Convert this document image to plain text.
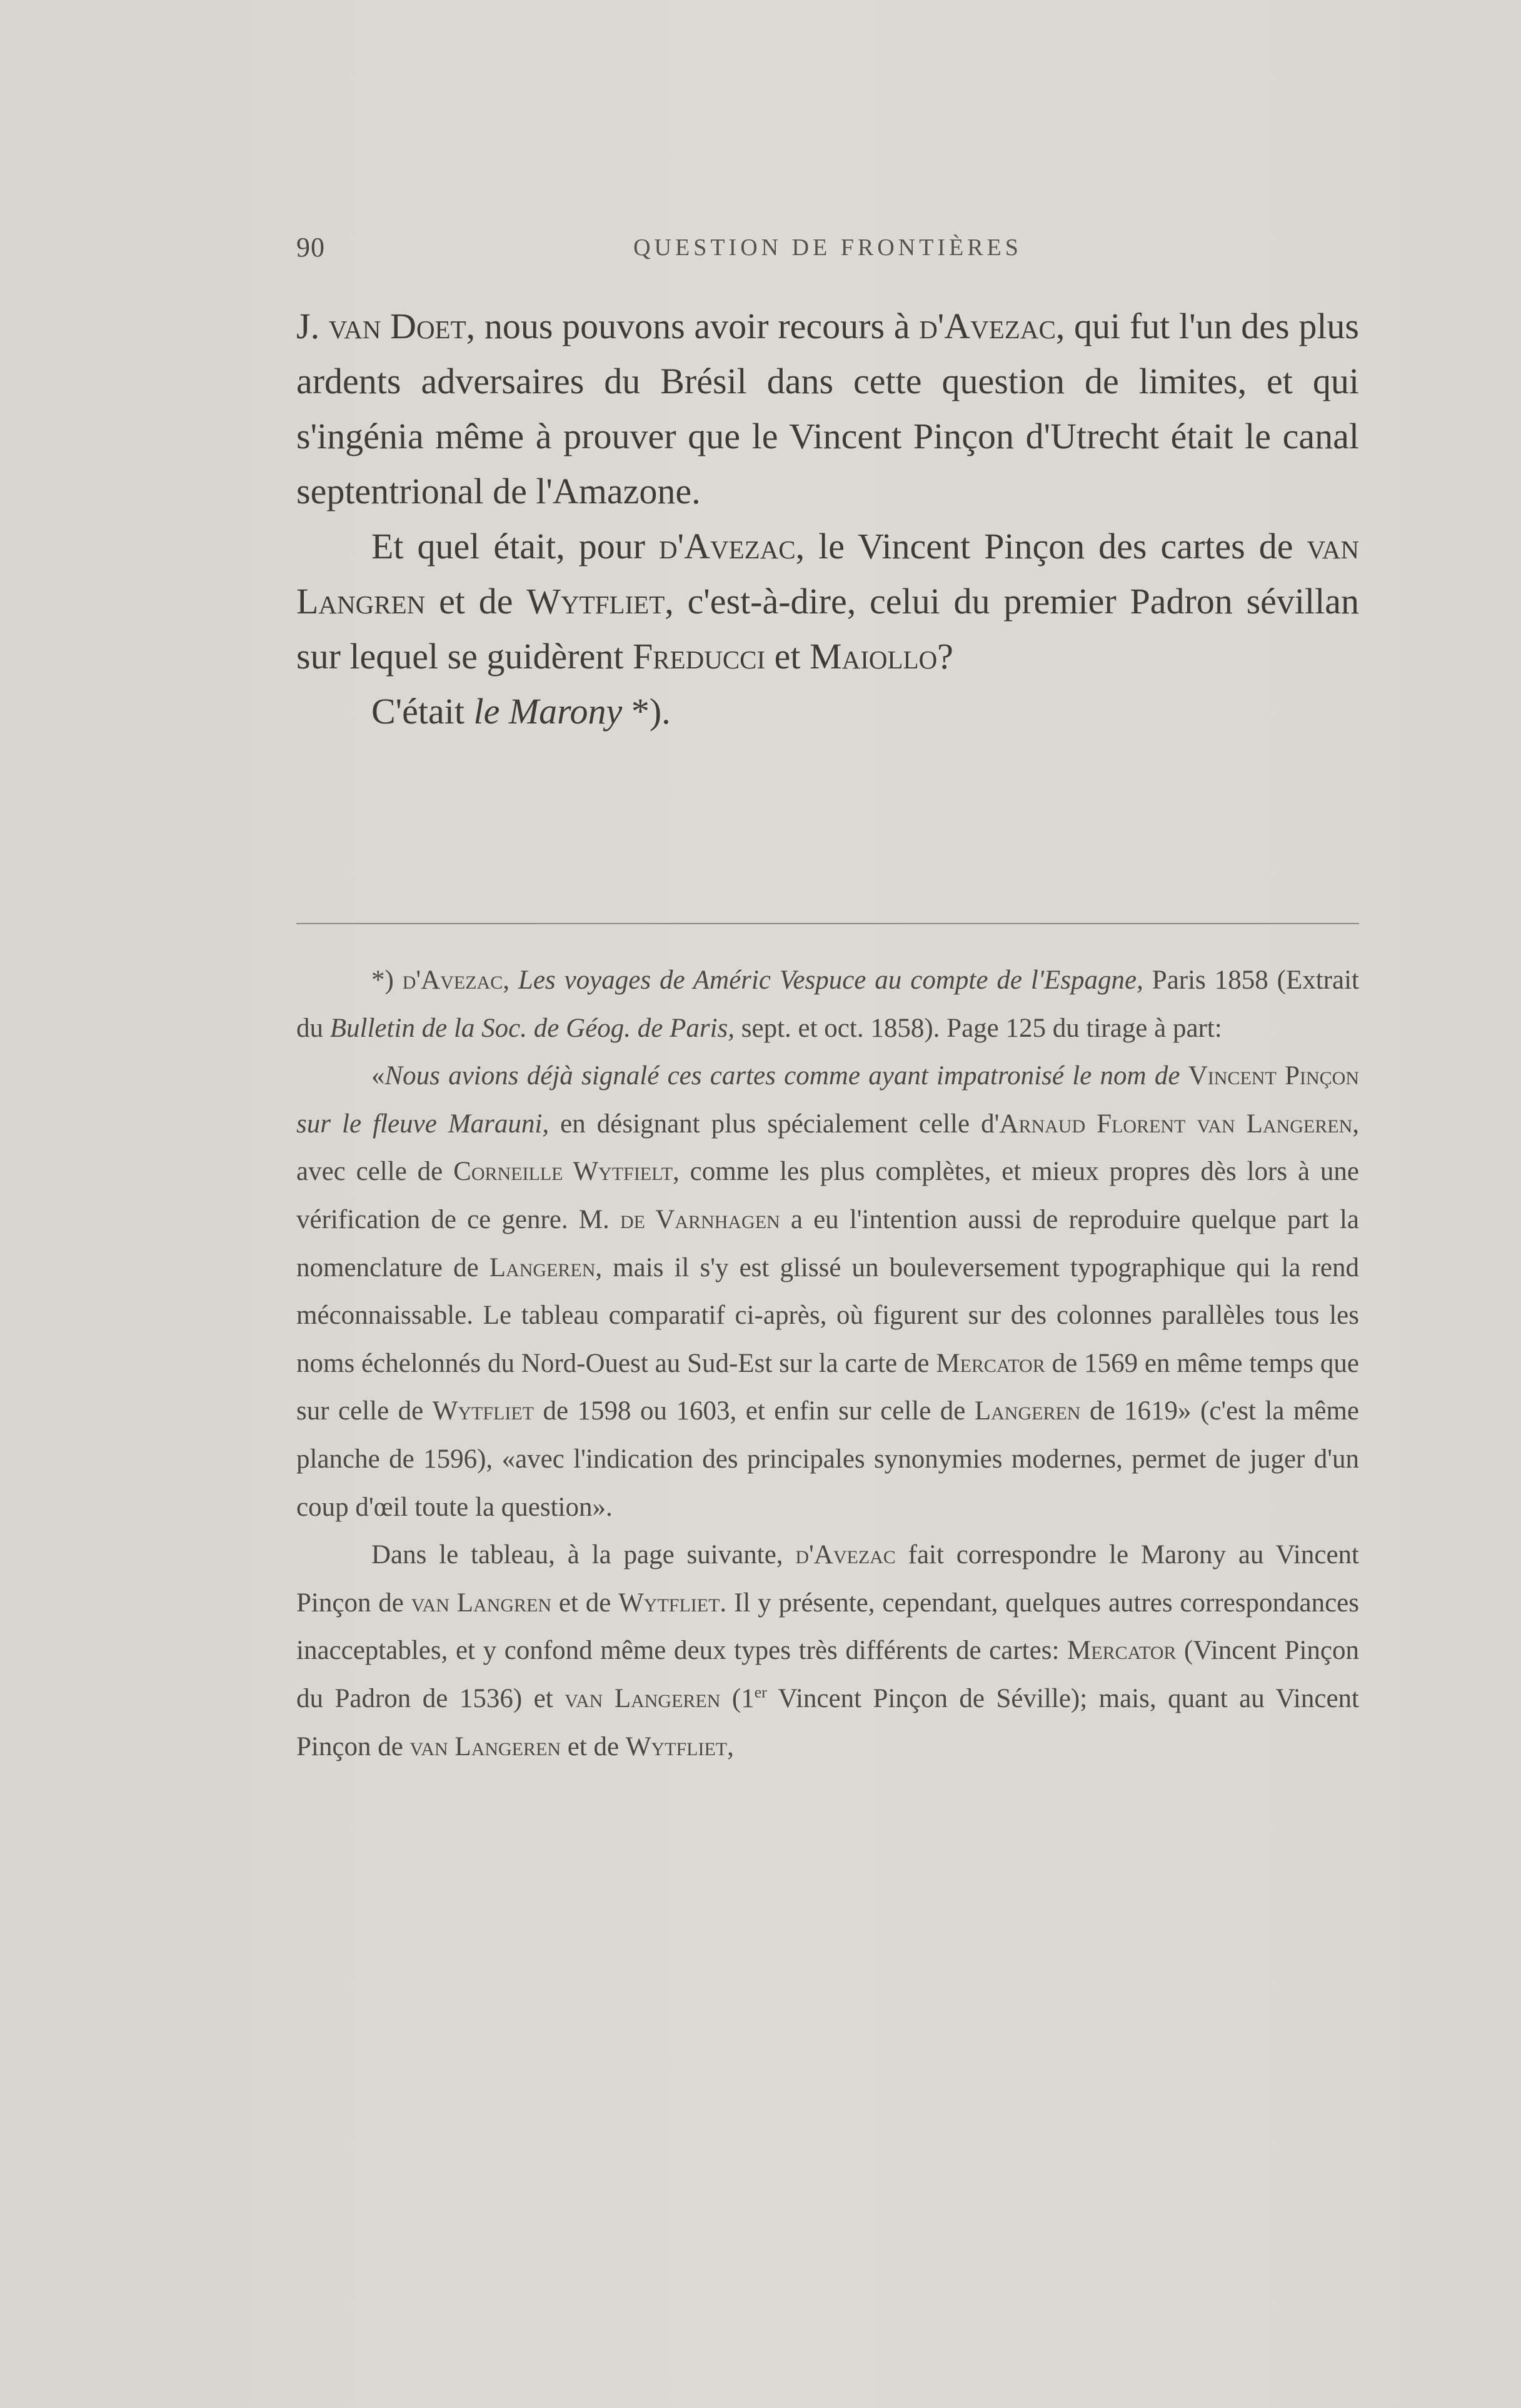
90	QUESTION DE FRONTIÈRES

J. van Doet, nous pouvons avoir recours à d'Avezac, qui fut l'un des plus ardents adversaires du Brésil dans cette question de limites, et qui s'ingénia même à prouver que le Vincent Pinçon d'Utrecht était le canal septentrional de l'Amazone.

Et quel était, pour d'Avezac, le Vincent Pinçon des cartes de van Langren et de Wytfliet, c'est-à-dire, celui du premier Padron sévillan sur lequel se guidèrent Freducci et Maiollo?

C'était le Marony *).

*) d'Avezac, Les voyages de Améric Vespuce au compte de l'Espagne, Paris 1858 (Extrait du Bulletin de la Soc. de Géog. de Paris, sept. et oct. 1858). Page 125 du tirage à part:

«Nous avions déjà signalé ces cartes comme ayant impatronisé le nom de Vincent Pinçon sur le fleuve Marauni, en désignant plus spécialement celle d'Arnaud Florent van Langeren, avec celle de Corneille Wytfielt, comme les plus complètes, et mieux propres dès lors à une vérification de ce genre. M. de Varnhagen a eu l'intention aussi de reproduire quelque part la nomenclature de Langeren, mais il s'y est glissé un bouleversement typographique qui la rend méconnaissable. Le tableau comparatif ci-après, où figurent sur des colonnes parallèles tous les noms échelonnés du Nord-Ouest au Sud-Est sur la carte de Mercator de 1569 en même temps que sur celle de Wytfliet de 1598 ou 1603, et enfin sur celle de Langeren de 1619» (c'est la même planche de 1596), «avec l'indication des principales synonymies modernes, permet de juger d'un coup d'œil toute la question».

Dans le tableau, à la page suivante, d'Avezac fait correspondre le Marony au Vincent Pinçon de van Langren et de Wytfliet. Il y présente, cependant, quelques autres correspondances inacceptables, et y confond même deux types très différents de cartes: Mercator (Vincent Pinçon du Padron de 1536) et van Langeren (1er Vincent Pinçon de Séville); mais, quant au Vincent Pinçon de van Langeren et de Wytfliet,
